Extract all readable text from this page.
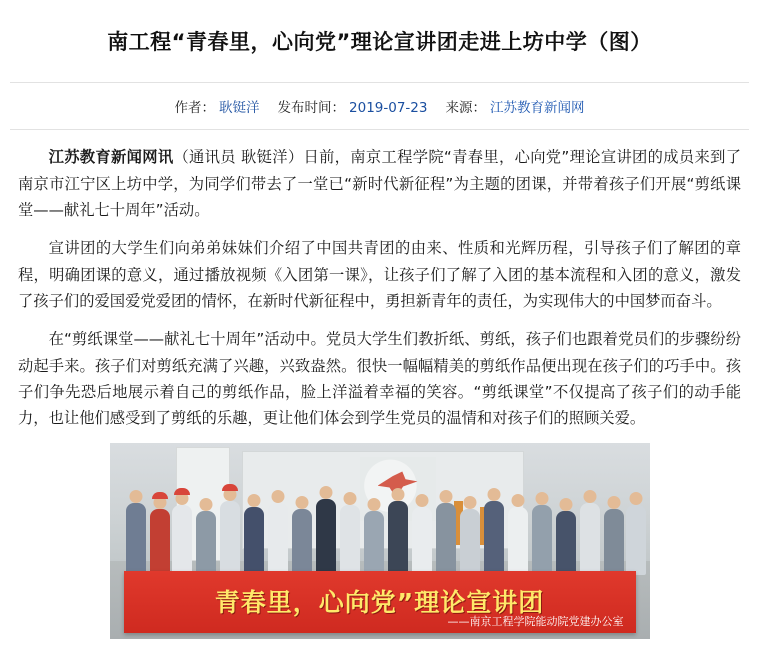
南工程“青春里，心向党”理论宣讲团走进上坊中学（图）
作者： 耿铤洋 发布时间： 2019-07-23 来源： 江苏教育新闻网

江苏教育新闻网讯（通讯员 耿铤洋）日前，南京工程学院“青春里，心向党”理论宣讲团的成员来到了南京市江宁区上坊中学，为同学们带去了一堂已“新时代新征程”为主题的团课，并带着孩子们开展“剪纸课堂——献礼七十周年”活动。

宣讲团的大学生们向弟弟妹妹们介绍了中国共青团的由来、性质和光辉历程，引导孩子们了解团的章程，明确团课的意义，通过播放视频《入团第一课》，让孩子们了解了入团的基本流程和入团的意义，激发了孩子们的爱国爱党爱团的情怀，在新时代新征程中，勇担新青年的责任，为实现伟大的中国梦而奋斗。

在“剪纸课堂——献礼七十周年”活动中。党员大学生们教折纸、剪纸，孩子们也跟着党员们的步骤纷纷动起手来。孩子们对剪纸充满了兴趣，兴致盎然。很快一幅幅精美的剪纸作品便出现在孩子们的巧手中。孩子们争先恐后地展示着自己的剪纸作品，脸上洋溢着幸福的笑容。“剪纸课堂”不仅提高了孩子们的动手能力，也让他们感受到了剪纸的乐趣，更让他们体会到学生党员的温情和对孩子们的照顾关爱。

青春里，心向党”理论宣讲团
——南京工程学院能动院党建办公室
